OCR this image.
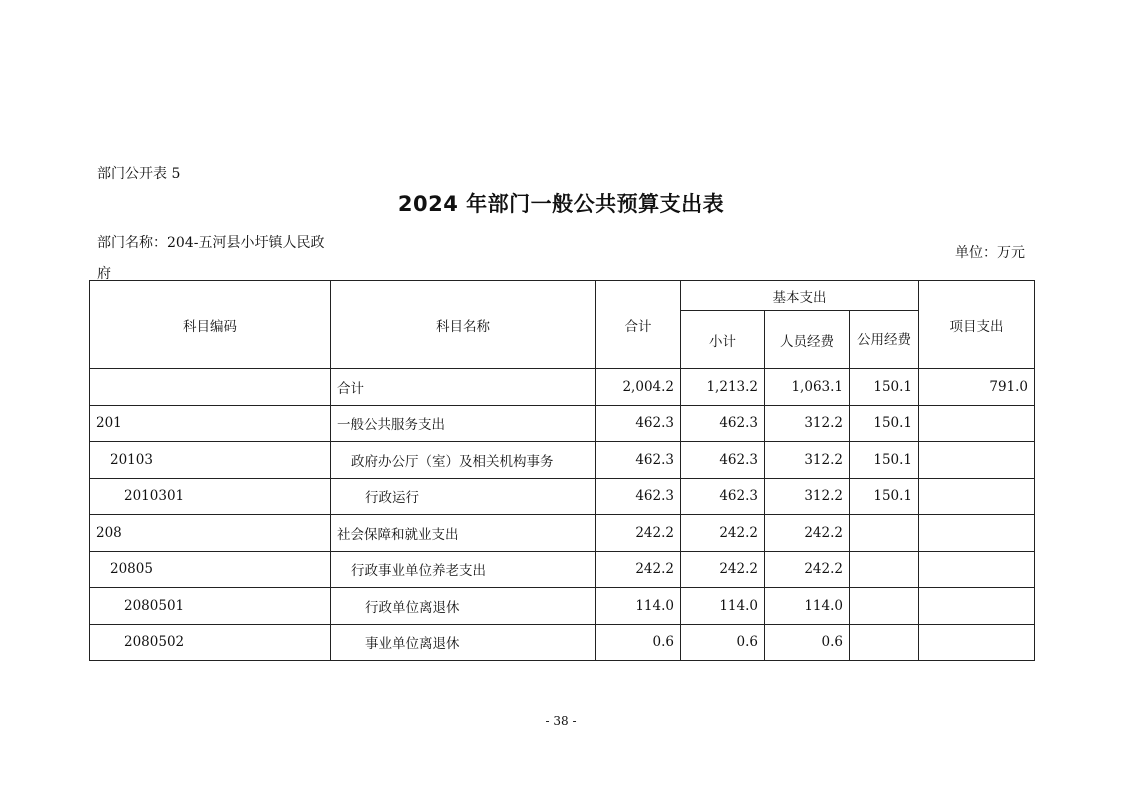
部门公开表 5
2024 年部门一般公共预算支出表
部门名称：204-五河县小圩镇人民政府
单位：万元
科目编码	科目名称	合计	基本支出			项目支出
			小计	人员经费	公用经费	
	合计	2,004.2	1,213.2	1,063.1	150.1	791.0
201	一般公共服务支出	462.3	462.3	312.2	150.1	
20103	政府办公厅（室）及相关机构事务	462.3	462.3	312.2	150.1	
2010301	行政运行	462.3	462.3	312.2	150.1	
208	社会保障和就业支出	242.2	242.2	242.2		
20805	行政事业单位养老支出	242.2	242.2	242.2		
2080501	行政单位离退休	114.0	114.0	114.0		
2080502	事业单位离退休	0.6	0.6	0.6		
- 38 -
